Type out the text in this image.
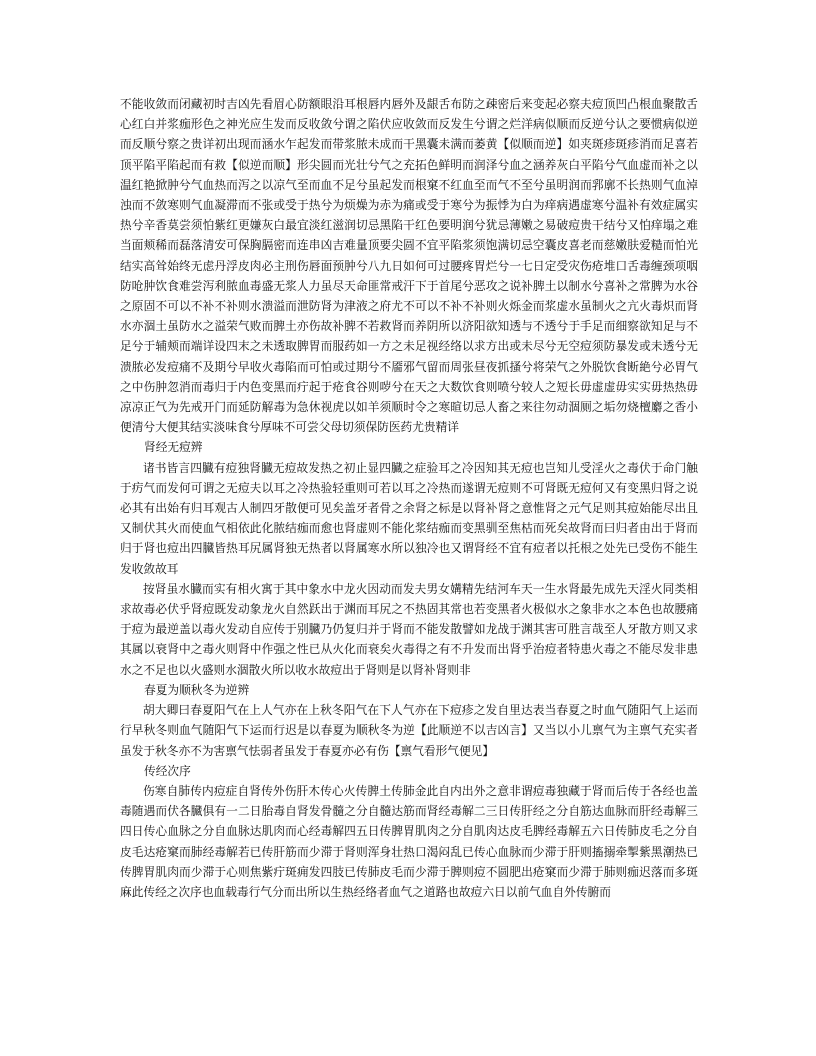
不能收敛而闭藏初时吉凶先看眉心防额眼沿耳根唇内唇外及龈舌布防之疎密后来变起必察夫痘顶凹凸根血聚散舌心红白并浆痂形色之神光应生发而反收敛兮谓之陷伏应收敛而反发生兮谓之烂洋病似顺而反逆兮认之要惯病似逆而反顺兮察之贵详初出现而涵水乍起发而带浆脓未成而干黑囊未满而萎黄【似顺而逆】如夹斑疹斑疹消而足喜若顶平陷平陷起而有救【似逆而顺】形尖圆而光壮兮气之充拓色鲜明而润泽兮血之涵养灰白平陷兮气血虚而补之以温红艳掀肿兮气血热而泻之以凉气至而血不足兮虽起发而根窠不红血至而气不至兮虽明润而郛廓不长热则气血淖浊而不敛寒则气血凝滞而不张或受于热兮为烦燥为赤为痛或受于寒兮为振悸为白为痒病遇虚寒兮温补有效症属实热兮辛香莫尝须怕紫红更嫌灰白最宜淡红滋润切忌黑陷干红色要明润兮犹忌薄嫩之易破痘贵干结兮又怕痒塌之难当面颊稀而磊落清安可保胸膈密而连串凶吉难量顶要尖圆不宜平陷浆须饱满切忌空囊皮喜老而慈嫩肤爱糙而怕光结实高耸始终无虑丹浮皮肉必主刑伤唇面预肿兮八九日如何可过腰疼胃烂兮一七日定受灾伤疮堆口舌毒缠颈项咽防呛肿饮食难尝泻利脓血毒盛无浆人力虽尽天命匪常戒汗下于首尾兮恶攻之说补脾土以制水兮喜补之常脾为水谷之原固不可以不补不补则水溃溢而泄防肾为津液之府尤不可以不补不补则火烁金而浆虚水虽制火之亢火毒炽而肾水亦涸土虽防水之溢荣气败而脾土亦伤故补脾不若救肾而养阴所以济阳欲知透与不透兮于手足而细察欲知足与不足兮于辅颊而端详设四末之未透取脾胃而服药如一方之未足视经络以求方出或未尽兮无空痘须防暴发或未透兮无溃脓必发痘痛不及期兮早收火毒陷而可怕或过期兮不靥邪气留而周张昼夜抓搔兮将荣气之外脱饮食断絶兮必胃气之中伤肿忽消而毒归于内色变黑而疔起于疮食谷则哕兮在天之大数饮食则喷兮较人之短长毋虚虚毋实实毋热热毋凉凉正气为先戒开门而延防解毒为急休视虎以如羊须顺时令之寒暄切忌人畜之来往勿动涸厕之垢勿烧檀麝之香小便清兮大便其结实淡味食兮厚味不可尝父母切须保防医药尤贵精详

肾经无痘辨

诸书皆言四臓有痘独肾臓无痘故发热之初止显四臓之症验耳之冷因知其无痘也岂知儿受淫火之毒伏于命门触于疠气而发何可谓之无痘夫以耳之冷热验轻重则可若以耳之冷热而遂谓无痘则不可肾既无痘何又有变黑归肾之说必其有出始有归耳观古人制四牙散便可见矣盖牙者骨之余肾之标是以肾补肾之意惟肾之元气足则其痘始能尽出且又制伏其火而使血气相依此化脓结痂而愈也肾虚则不能化浆结痂而变黑驯至焦枯而死矣故肾而曰归者由出于肾而归于肾也痘出四臓皆热耳尻属肾独无热者以肾属寒水所以独冷也又谓肾经不宜有痘者以托根之处先已受伤不能生发收敛故耳

按肾虽水臓而实有相火寓于其中象水中龙火因动而发夫男女媾精先结河车天一生水肾最先成先天淫火同类相求故毒必伏乎肾痘既发动象龙火自然跃出于渊而耳尻之不热固其常也若变黑者火极似水之象非水之本色也故腰痛于痘为最逆盖以毒火发动自应传于别臓乃仍复归并于肾而不能发散譬如龙战于渊其害可胜言哉至人牙散方则又求其属以衰肾中之毒火则肾中作强之性已从火化而衰矣火毒得之有不升发而出肾乎治痘者特患火毒之不能尽发非患水之不足也以火盛则水涸散火所以收水故痘出于肾则是以肾补肾则非

春夏为顺秋冬为逆辨

胡大卿曰春夏阳气在上人气亦在上秋冬阳气在下人气亦在下痘疹之发自里达表当春夏之时血气随阳气上运而行早秋冬则血气随阳气下运而行迟是以春夏为顺秋冬为逆【此顺逆不以吉凶言】又当以小儿禀气为主禀气充实者虽发于秋冬亦不为害禀气怯弱者虽发于春夏亦必有伤【禀气看形气便见】

传经次序

伤寒自肺传内痘症自肾传外伤肝木传心火传脾土传肺金此自内出外之意非谓痘毒独藏于肾而后传于各经也盖毒随遇而伏各臓俱有一二日胎毒自肾发骨髓之分自髓达筋而肾经毒解二三日传肝经之分自筋达血脉而肝经毒解三四日传心血脉之分自血脉达肌肉而心经毒解四五日传脾胃肌肉之分自肌肉达皮毛脾经毒解五六日传肺皮毛之分自皮毛达疮窠而肺经毒解若已传肝筋而少滞于肾则浑身壮热口渴闷乱已传心血脉而少滞于肝则搐搦牵掣紫黑潮热已传脾胃肌肉而少滞于心则焦紫疔斑痈发四肢已传肺皮毛而少滞于脾则痘不圆肥出疮窠而少滞于肺则痂迟落而多斑麻此传经之次序也血载毒行气分而出所以生热经络者血气之道路也故痘六日以前气血自外传腑而
